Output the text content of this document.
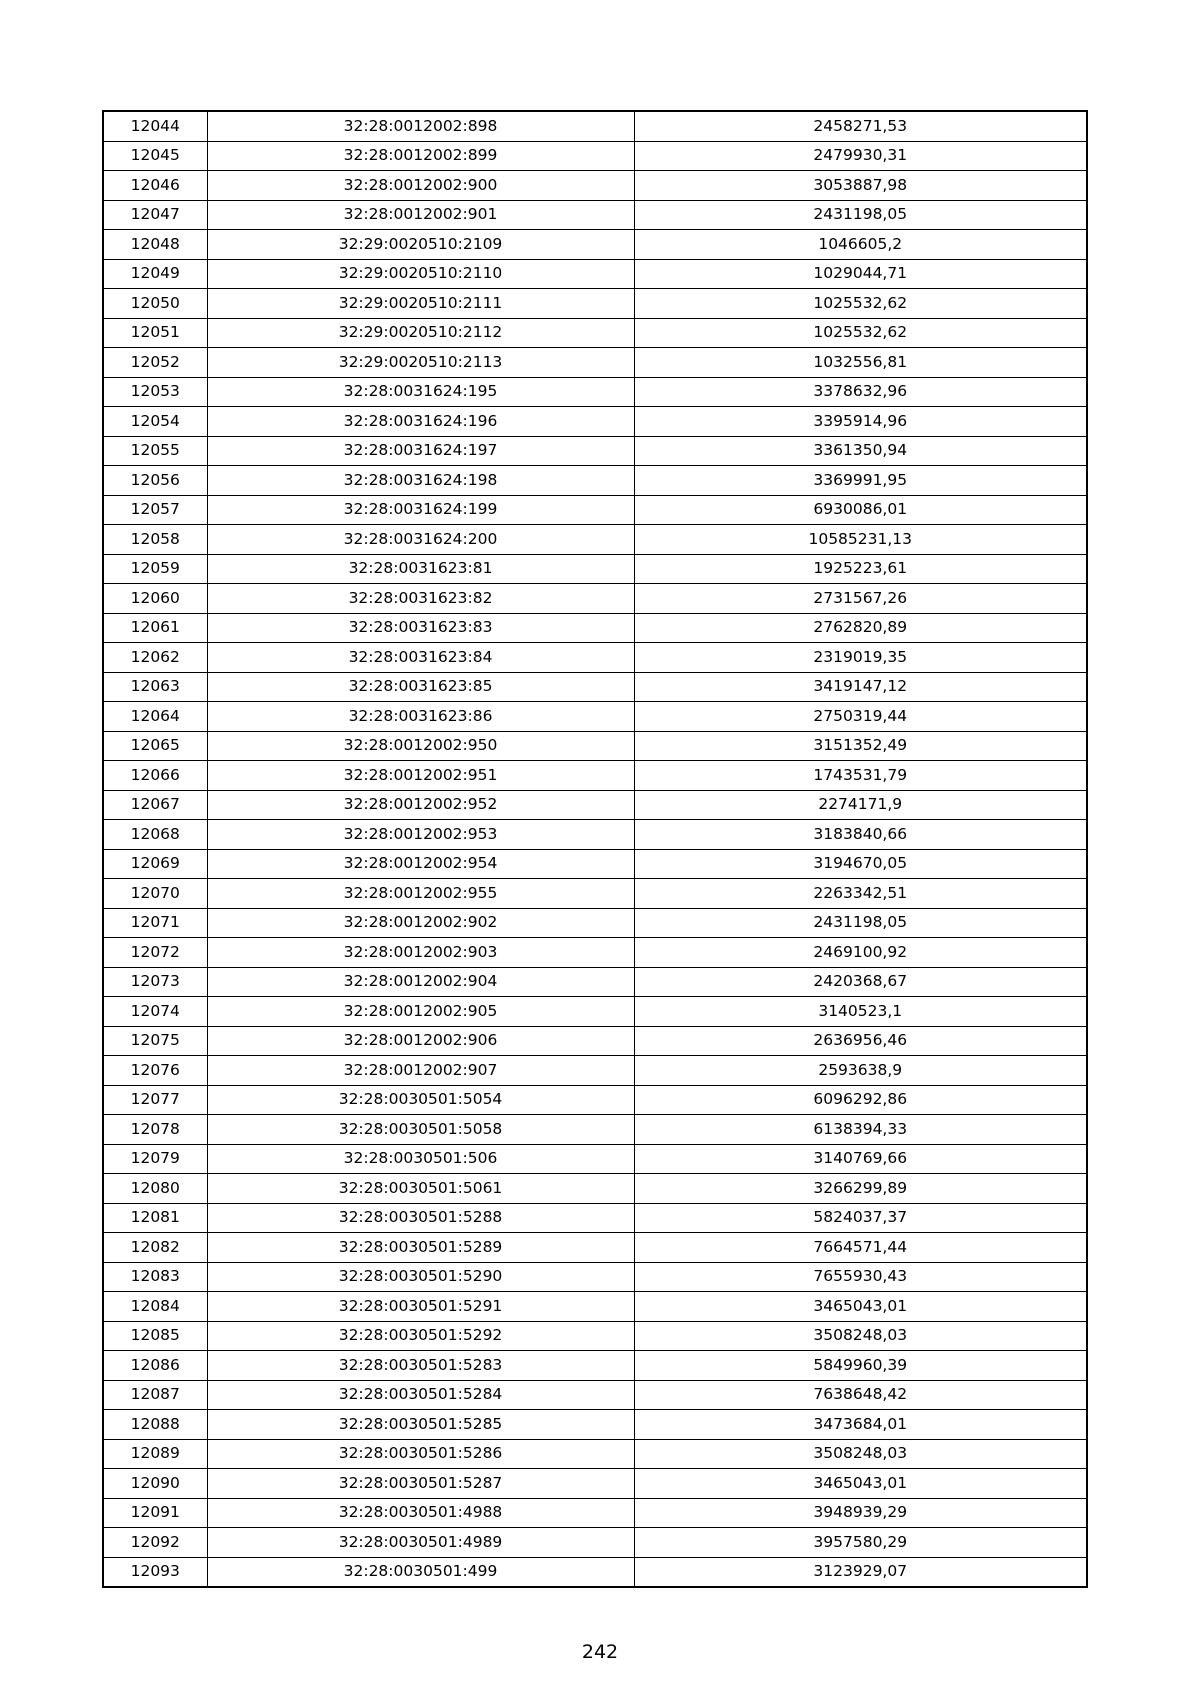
12044	32:28:0012002:898	2458271,53
12045	32:28:0012002:899	2479930,31
12046	32:28:0012002:900	3053887,98
12047	32:28:0012002:901	2431198,05
12048	32:29:0020510:2109	1046605,2
12049	32:29:0020510:2110	1029044,71
12050	32:29:0020510:2111	1025532,62
12051	32:29:0020510:2112	1025532,62
12052	32:29:0020510:2113	1032556,81
12053	32:28:0031624:195	3378632,96
12054	32:28:0031624:196	3395914,96
12055	32:28:0031624:197	3361350,94
12056	32:28:0031624:198	3369991,95
12057	32:28:0031624:199	6930086,01
12058	32:28:0031624:200	10585231,13
12059	32:28:0031623:81	1925223,61
12060	32:28:0031623:82	2731567,26
12061	32:28:0031623:83	2762820,89
12062	32:28:0031623:84	2319019,35
12063	32:28:0031623:85	3419147,12
12064	32:28:0031623:86	2750319,44
12065	32:28:0012002:950	3151352,49
12066	32:28:0012002:951	1743531,79
12067	32:28:0012002:952	2274171,9
12068	32:28:0012002:953	3183840,66
12069	32:28:0012002:954	3194670,05
12070	32:28:0012002:955	2263342,51
12071	32:28:0012002:902	2431198,05
12072	32:28:0012002:903	2469100,92
12073	32:28:0012002:904	2420368,67
12074	32:28:0012002:905	3140523,1
12075	32:28:0012002:906	2636956,46
12076	32:28:0012002:907	2593638,9
12077	32:28:0030501:5054	6096292,86
12078	32:28:0030501:5058	6138394,33
12079	32:28:0030501:506	3140769,66
12080	32:28:0030501:5061	3266299,89
12081	32:28:0030501:5288	5824037,37
12082	32:28:0030501:5289	7664571,44
12083	32:28:0030501:5290	7655930,43
12084	32:28:0030501:5291	3465043,01
12085	32:28:0030501:5292	3508248,03
12086	32:28:0030501:5283	5849960,39
12087	32:28:0030501:5284	7638648,42
12088	32:28:0030501:5285	3473684,01
12089	32:28:0030501:5286	3508248,03
12090	32:28:0030501:5287	3465043,01
12091	32:28:0030501:4988	3948939,29
12092	32:28:0030501:4989	3957580,29
12093	32:28:0030501:499	3123929,07
242
